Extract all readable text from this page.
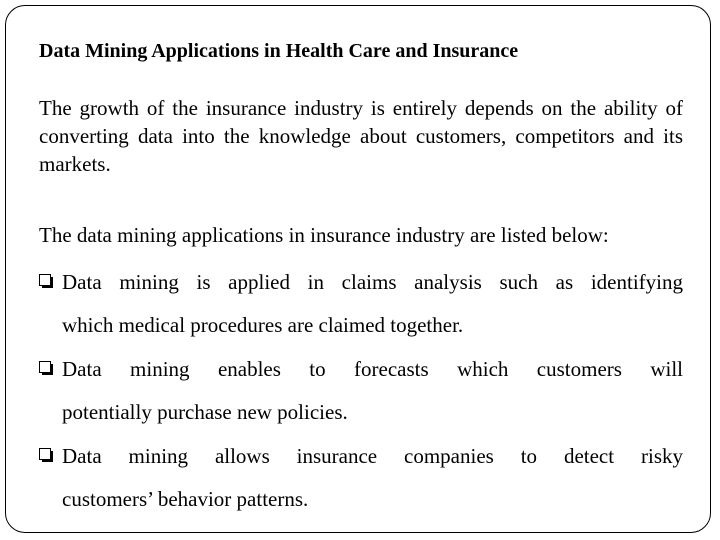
Data Mining Applications in Health Care and Insurance

The growth of the insurance industry is entirely depends on the ability of converting data into the knowledge about customers, competitors and its markets.

The data mining applications in insurance industry are listed below:

Data mining is applied in claims analysis such as identifying
which medical procedures are claimed together.
Data mining enables to forecasts which customers will
potentially purchase new policies.
Data mining allows insurance companies to detect risky
customers’ behavior patterns.
